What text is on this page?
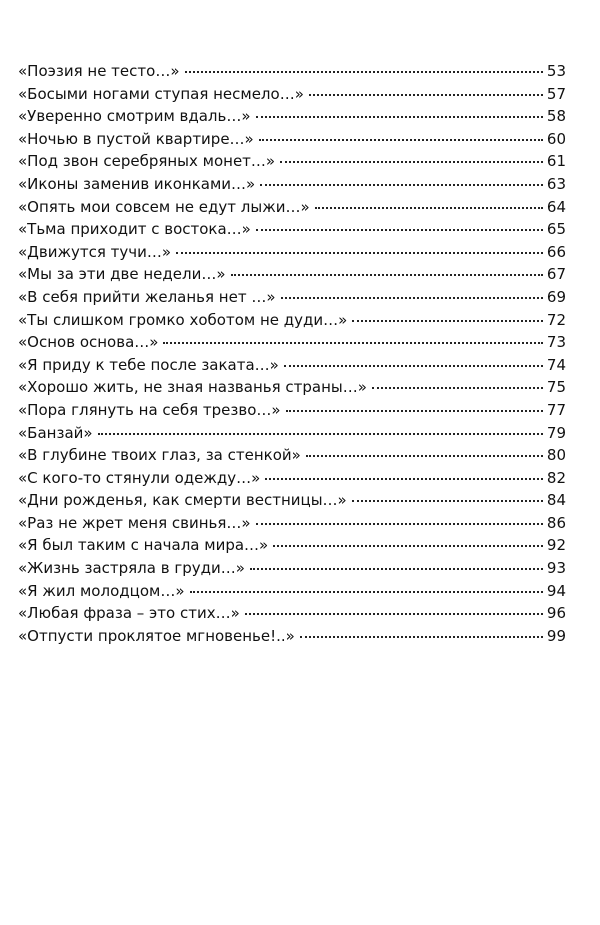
«Поэзия не тесто…»	53
«Босыми ногами ступая несмело…»	57
«Уверенно смотрим вдаль…»	58
«Ночью в пустой квартире…»	60
«Под звон серебряных монет…»	61
«Иконы заменив иконками…»	63
«Опять мои совсем не едут лыжи…»	64
«Тьма приходит с востока…»	65
«Движутся тучи…»	66
«Мы за эти две недели…»	67
«В себя прийти желанья нет …»	69
«Ты слишком громко хоботом не дуди…»	72
«Основ основа…»	73
«Я приду к тебе после заката…»	74
«Хорошо жить, не зная названья страны…»	75
«Пора глянуть на себя трезво…»	77
«Банзай»	79
«В глубине твоих глаз, за стенкой»	80
«С кого-то стянули одежду…»	82
«Дни рожденья, как смерти вестницы…»	84
«Раз не жрет меня свинья…»	86
«Я был таким с начала мира…»	92
«Жизнь застряла в груди…»	93
«Я жил молодцом…»	94
«Любая фраза – это стих…»	96
«Отпусти проклятое мгновенье!..»	99
